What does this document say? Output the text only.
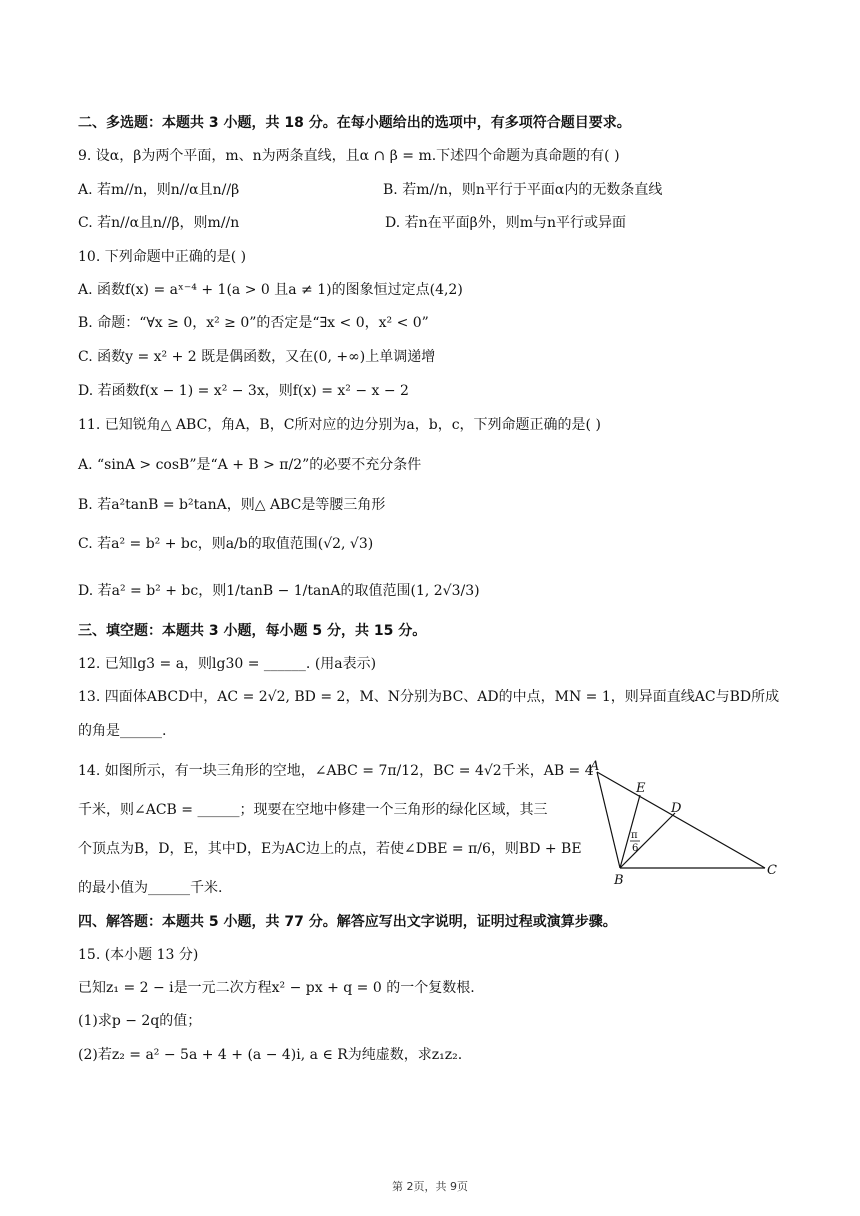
二、多选题：本题共 3 小题，共 18 分。在每小题给出的选项中，有多项符合题目要求。
9. 设α，β为两个平面，m、n为两条直线，且α ∩ β = m.下述四个命题为真命题的有( )
A. 若m//n，则n//α且n//β	B. 若m//n，则n平行于平面α内的无数条直线
C. 若n//α且n//β，则m//n	D. 若n在平面β外，则m与n平行或异面
10. 下列命题中正确的是( )
A. 函数f(x) = aˣ⁻⁴ + 1(a > 0 且a ≠ 1)的图象恒过定点(4,2)
B. 命题：“∀x ≥ 0，x² ≥ 0”的否定是“∃x < 0，x² < 0”
C. 函数y = x² + 2 既是偶函数，又在(0, +∞)上单调递增
D. 若函数f(x − 1) = x² − 3x，则f(x) = x² − x − 2
11. 已知锐角△ ABC，角A，B，C所对应的边分别为a，b，c，下列命题正确的是( )
A. “sinA > cosB”是“A + B > π/2”的必要不充分条件
B. 若a²tanB = b²tanA，则△ ABC是等腰三角形
C. 若a² = b² + bc，则a/b的取值范围(√2, √3)
D. 若a² = b² + bc，则1/tanB − 1/tanA的取值范围(1, 2√3/3)
三、填空题：本题共 3 小题，每小题 5 分，共 15 分。
12. 已知lg3 = a，则lg30 = ______. (用a表示)
13. 四面体ABCD中，AC = 2√2, BD = 2，M、N分别为BC、AD的中点，MN = 1，则异面直线AC与BD所成
的角是______.
14. 如图所示，有一块三角形的空地，∠ABC = 7π/12，BC = 4√2千米，AB = 4
千米，则∠ACB = ______；现要在空地中修建一个三角形的绿化区域，其三
个顶点为B，D，E，其中D，E为AC边上的点，若使∠DBE = π/6，则BD + BE
的最小值为______千米.
A
E
D
B
C
π
6
四、解答题：本题共 5 小题，共 77 分。解答应写出文字说明，证明过程或演算步骤。
15. (本小题 13 分)
已知z₁ = 2 − i是一元二次方程x² − px + q = 0 的一个复数根.
(1)求p − 2q的值；
(2)若z₂ = a² − 5a + 4 + (a − 4)i, a ∈ R为纯虚数，求z₁z₂.
第 2页，共 9页
